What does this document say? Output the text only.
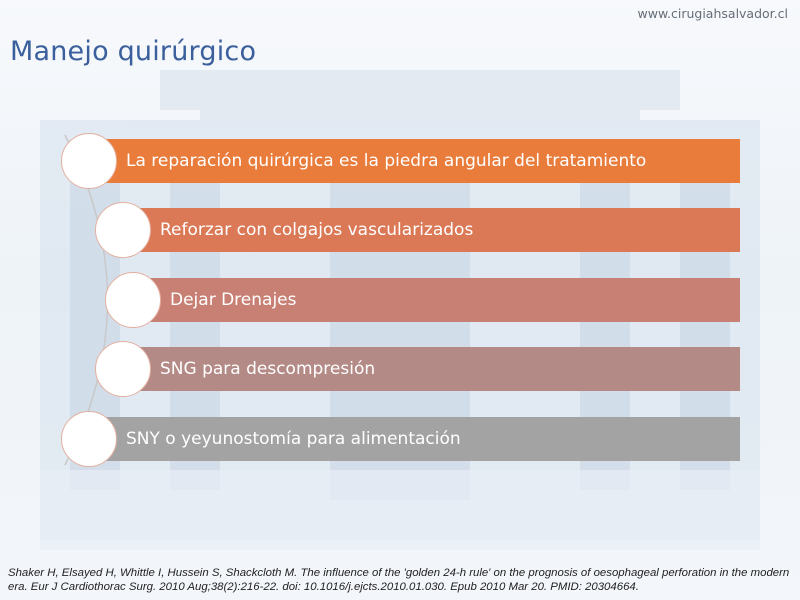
www.cirugiahsalvador.cl
Manejo quirúrgico
La reparación quirúrgica es la piedra angular del tratamiento
Reforzar con colgajos vascularizados
Dejar Drenajes
SNG para descompresión
SNY o yeyunostomía para alimentación

Shaker H, Elsayed H, Whittle I, Hussein S, Shackcloth M. The influence of the 'golden 24-h rule' on the prognosis of oesophageal perforation in the modern era. Eur J Cardiothorac Surg. 2010 Aug;38(2):216-22. doi: 10.1016/j.ejcts.2010.01.030. Epub 2010 Mar 20. PMID: 20304664.
